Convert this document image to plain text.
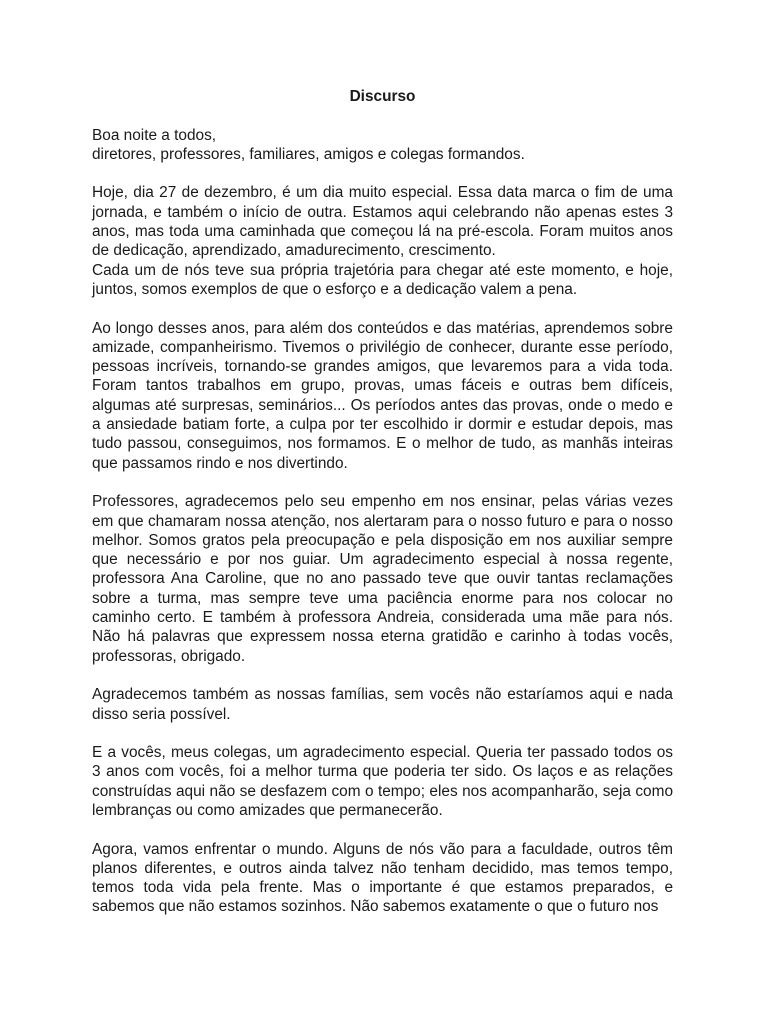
Discurso
Boa noite a todos,
diretores, professores, familiares, amigos e colegas formandos.
Hoje, dia 27 de dezembro, é um dia muito especial. Essa data marca o fim de uma jornada, e também o início de outra. Estamos aqui celebrando não apenas estes 3 anos, mas toda uma caminhada que começou lá na pré-escola. Foram muitos anos de dedicação, aprendizado, amadurecimento, crescimento.
Cada um de nós teve sua própria trajetória para chegar até este momento, e hoje, juntos, somos exemplos de que o esforço e a dedicação valem a pena.
Ao longo desses anos, para além dos conteúdos e das matérias, aprendemos sobre amizade, companheirismo. Tivemos o privilégio de conhecer, durante esse período, pessoas incríveis, tornando-se grandes amigos, que levaremos para a vida toda. Foram tantos trabalhos em grupo, provas, umas fáceis e outras bem difíceis, algumas até surpresas, seminários... Os períodos antes das provas, onde o medo e a ansiedade batiam forte, a culpa por ter escolhido ir dormir e estudar depois, mas tudo passou, conseguimos, nos formamos. E o melhor de tudo, as manhãs inteiras que passamos rindo e nos divertindo.
Professores, agradecemos pelo seu empenho em nos ensinar, pelas várias vezes em que chamaram nossa atenção, nos alertaram para o nosso futuro e para o nosso melhor. Somos gratos pela preocupação e pela disposição em nos auxiliar sempre que necessário e por nos guiar. Um agradecimento especial à nossa regente, professora Ana Caroline, que no ano passado teve que ouvir tantas reclamações sobre a turma, mas sempre teve uma paciência enorme para nos colocar no caminho certo. E também à professora Andreia, considerada uma mãe para nós. Não há palavras que expressem nossa eterna gratidão e carinho à todas vocês, professoras, obrigado.
Agradecemos também as nossas famílias, sem vocês não estaríamos aqui e nada disso seria possível.
E a vocês, meus colegas, um agradecimento especial. Queria ter passado todos os 3 anos com vocês, foi a melhor turma que poderia ter sido. Os laços e as relações construídas aqui não se desfazem com o tempo; eles nos acompanharão, seja como lembranças ou como amizades que permanecerão.
Agora, vamos enfrentar o mundo. Alguns de nós vão para a faculdade, outros têm planos diferentes, e outros ainda talvez não tenham decidido, mas temos tempo, temos toda vida pela frente. Mas o importante é que estamos preparados, e sabemos que não estamos sozinhos. Não sabemos exatamente o que o futuro nos
